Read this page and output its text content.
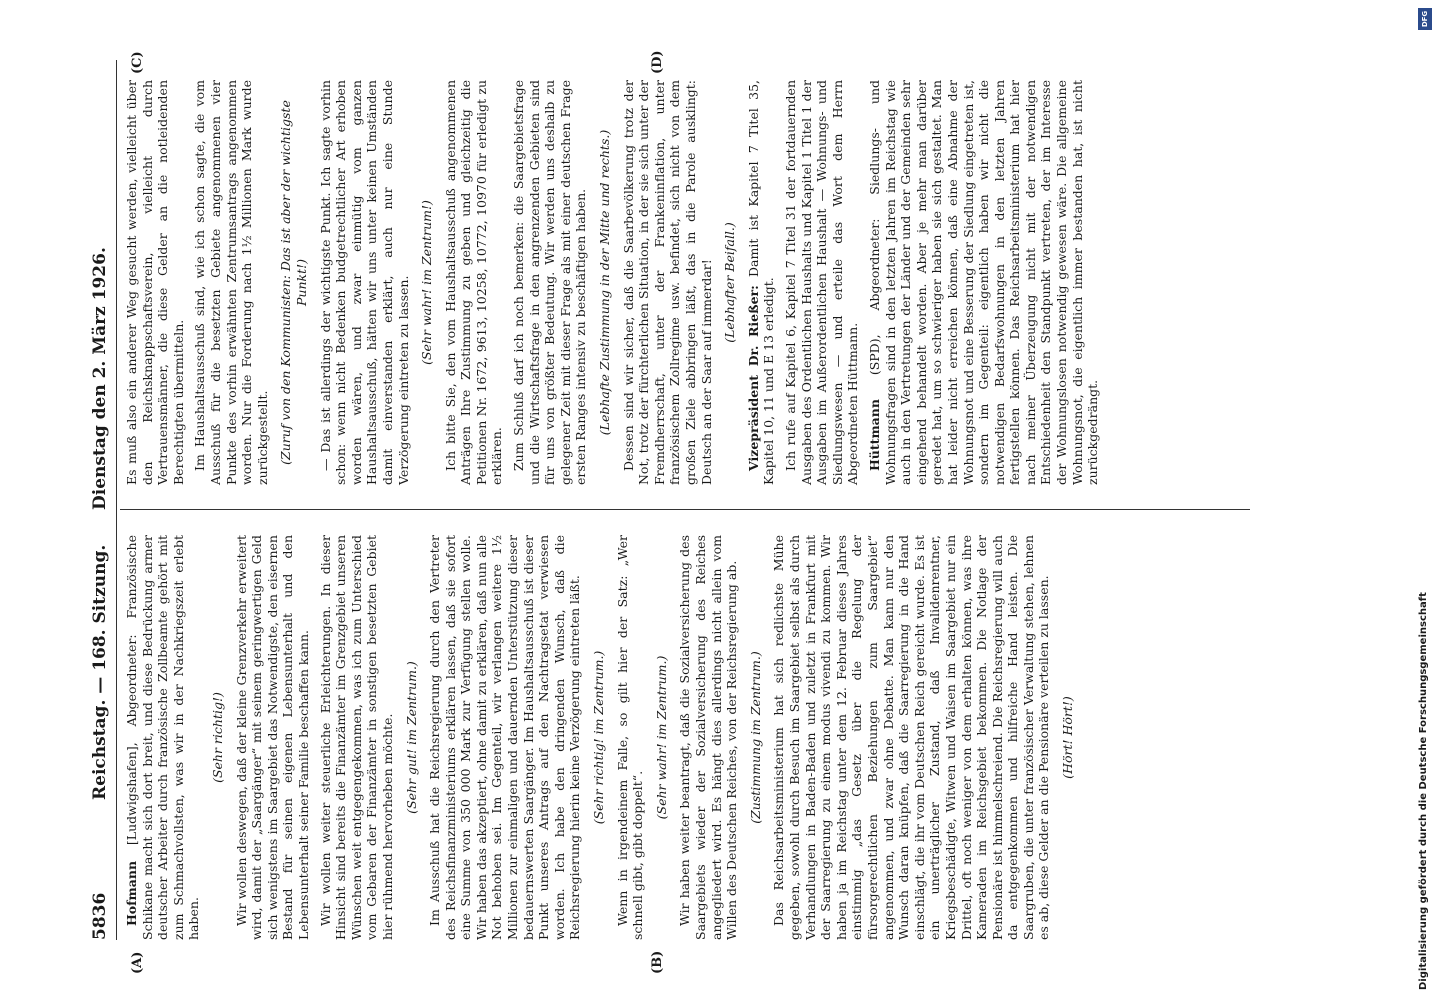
5836
Reichstag. — 168. Sitzung.
Dienstag den 2. März 1926.
(A)	(B)
(C)	(D)

Hofmann [Ludwigshafen], Abgeordneter: Französische Schikane macht sich dort breit, und diese Bedrückung armer deutscher Arbeiter durch französische Zollbeamte gehört mit zum Schmachvollsten, was wir in der Nachkriegszeit erlebt haben.

(Sehr richtig!) Wir wollen deswegen, daß der kleine Grenzverkehr erweitert wird, damit der „Saargänger“ mit seinem geringwertigen Geld sich wenigstens im Saargebiet das Notwendigste, den eisernen Bestand für seinen eigenen Lebensunterhalt und den Lebensunterhalt seiner Familie beschaffen kann. Wir wollen weiter steuerliche Erleichterungen. In dieser Hinsicht sind bereits die Finanzämter im Grenzgebiet unseren Wünschen weit entgegengekommen, was ich zum Unterschied vom Gebaren der Finanzämter in sonstigen besetzten Gebiet hier rühmend hervorheben möchte. (Sehr gut! im Zentrum.) Im Ausschuß hat die Reichsregierung durch den Vertreter des Reichsfinanzministeriums erklären lassen, daß sie sofort eine Summe von 350 000 Mark zur Verfügung stellen wolle. Wir haben das akzeptiert, ohne damit zu erklären, daß nun alle Not behoben sei. Im Gegenteil, wir verlangen weitere 1½ Millionen zur einmaligen und dauernden Unterstützung dieser bedauernswerten Saargänger. Im Haushaltsausschuß ist dieser Punkt unseres Antrags auf den Nachtragsetat verwiesen worden. Ich habe den dringenden Wunsch, daß die Reichsregierung hierin keine Verzögerung eintreten läßt. (Sehr richtig! im Zentrum.) Wenn in irgendeinem Falle, so gilt hier der Satz: „Wer schnell gibt, gibt doppelt“.

(Sehr wahr! im Zentrum.) Wir haben weiter beantragt, daß die Sozialversicherung des Saargebiets wieder der Sozialversicherung des Reiches angegliedert wird. Es hängt dies allerdings nicht allein vom Willen des Deutschen Reiches, von der Reichsregierung ab. (Zustimmung im Zentrum.) Das Reichsarbeitsministerium hat sich redlichste Mühe gegeben, sowohl durch Besuch im Saargebiet selbst als durch Verhandlungen in Baden-Baden und zuletzt in Frankfurt mit der Saarregierung zu einem modus vivendi zu kommen. Wir haben ja im Reichstag unter dem 12. Februar dieses Jahres einstimmig „das Gesetz über die Regelung der fürsorgerechtlichen Beziehungen zum Saargebiet“ angenommen, und zwar ohne Debatte. Man kann nur den Wunsch daran knüpfen, daß die Saarregierung in die Hand einschlägt, die ihr vom Deutschen Reich gereicht wurde. Es ist ein unerträglicher Zustand, daß Invalidenrentner, Kriegsbeschädigte, Witwen und Waisen im Saargebiet nur ein Drittel, oft noch weniger von dem erhalten können, was ihre Kameraden im Reichsgebiet bekommen. Die Notlage der Pensionäre ist himmelschreiend. Die Reichsregierung will auch da entgegenkommen und hilfreiche Hand leisten. Die Saargruben, die unter französischer Verwaltung stehen, lehnen es ab, diese Gelder an die Pensionäre verteilen zu lassen. (Hört! Hört!)

Es muß also ein anderer Weg gesucht werden, vielleicht über den Reichsknappschaftsverein, vielleicht durch Vertrauensmänner, die diese Gelder an die notleidenden Berechtigten übermitteln. Im Haushaltsausschuß sind, wie ich schon sagte, die vom Ausschuß für die besetzten Gebiete angenommenen vier Punkte des vorhin erwähnten Zentrumsantrags angenommen worden. Nur die Forderung nach 1½ Millionen Mark wurde zurückgestellt. (Zuruf von den Kommunisten: Das ist aber der wichtigste Punkt!) — Das ist allerdings der wichtigste Punkt. Ich sagte vorhin schon: wenn nicht Bedenken budgetrechtlicher Art erhoben worden wären, und zwar einmütig vom ganzen Haushaltsausschuß, hätten wir uns unter keinen Umständen damit einverstanden erklärt, auch nur eine Stunde Verzögerung eintreten zu lassen. (Sehr wahr! im Zentrum!) Ich bitte Sie, den vom Haushaltsausschuß angenommenen Anträgen Ihre Zustimmung zu geben und gleichzeitig die Petitionen Nr. 1672, 9613, 10258, 10772, 10970 für erledigt zu erklären. Zum Schluß darf ich noch bemerken: die Saargebietsfrage und die Wirtschaftsfrage in den angrenzenden Gebieten sind für uns von größter Bedeutung. Wir werden uns deshalb zu gelegener Zeit mit dieser Frage als mit einer deutschen Frage ersten Ranges intensiv zu beschäftigen haben. (Lebhafte Zustimmung in der Mitte und rechts.) Dessen sind wir sicher, daß die Saarbevölkerung trotz der Not, trotz der fürchterlichen Situation, in der sie sich unter der Fremdherrschaft, unter der Frankeninflation, unter französischem Zollregime usw. befindet, sich nicht von dem großen Ziele abbringen läßt, das in die Parole ausklingt: Deutsch an der Saar auf immerdar! (Lebhafter Beifall.)

Vizepräsident Dr. Rießer: Damit ist Kapitel 7 Titel 35, Kapitel 10, 11 und E 13 erledigt. Ich rufe auf Kapitel 6, Kapitel 7 Titel 31 der fortdauernden Ausgaben des Ordentlichen Haushalts und Kapitel 1 Titel 1 der Ausgaben im Außerordentlichen Haushalt — Wohnungs- und Siedlungswesen — und erteile das Wort dem Herrn Abgeordneten Hüttmann. Hüttmann (SPD), Abgeordneter: Siedlungs- und Wohnungsfragen sind in den letzten Jahren im Reichstag wie auch in den Vertretungen der Länder und der Gemeinden sehr eingehend behandelt worden. Aber je mehr man darüber geredet hat, um so schwieriger haben sie sich gestaltet. Man hat leider nicht erreichen können, daß eine Abnahme der Wohnungsnot und eine Besserung der Siedlung eingetreten ist, sondern im Gegenteil: eigentlich haben wir nicht die notwendigen Bedarfswohnungen in den letzten Jahren fertigstellen können. Das Reichsarbeitsministerium hat hier nach meiner Überzeugung nicht mit der notwendigen Entschiedenheit den Standpunkt vertreten, der im Interesse der Wohnungslosen notwendig gewesen wäre. Die allgemeine Wohnungsnot, die eigentlich immer bestanden hat, ist nicht zurückgedrängt.

DFG
Digitalisierung gefördert durch die Deutsche Forschungsgemeinschaft
